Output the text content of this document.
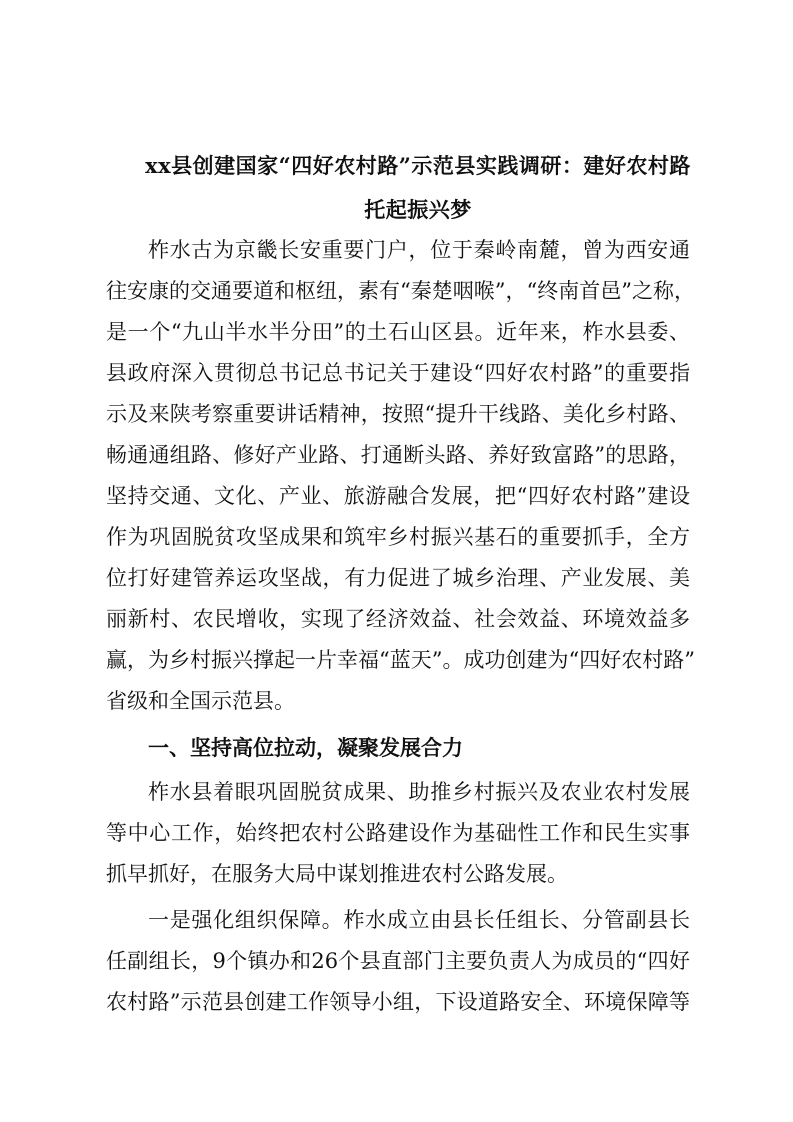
xx县创建国家“四好农村路”示范县实践调研：建好农村路
托起振兴梦
柞水古为京畿长安重要门户，位于秦岭南麓，曾为西安通
往安康的交通要道和枢纽，素有“秦楚咽喉”，“终南首邑”之称，
是一个“九山半水半分田”的土石山区县。近年来，柞水县委、
县政府深入贯彻总书记总书记关于建设“四好农村路”的重要指
示及来陕考察重要讲话精神，按照“提升干线路、美化乡村路、
畅通通组路、修好产业路、打通断头路、养好致富路”的思路，
坚持交通、文化、产业、旅游融合发展，把“四好农村路”建设
作为巩固脱贫攻坚成果和筑牢乡村振兴基石的重要抓手，全方
位打好建管养运攻坚战，有力促进了城乡治理、产业发展、美
丽新村、农民增收，实现了经济效益、社会效益、环境效益多
赢，为乡村振兴撑起一片幸福“蓝天”。成功创建为“四好农村路”
省级和全国示范县。
一、坚持高位拉动，凝聚发展合力
柞水县着眼巩固脱贫成果、助推乡村振兴及农业农村发展
等中心工作，始终把农村公路建设作为基础性工作和民生实事
抓早抓好，在服务大局中谋划推进农村公路发展。
一是强化组织保障。柞水成立由县长任组长、分管副县长
任副组长，9个镇办和26个县直部门主要负责人为成员的“四好
农村路”示范县创建工作领导小组，下设道路安全、环境保障等
